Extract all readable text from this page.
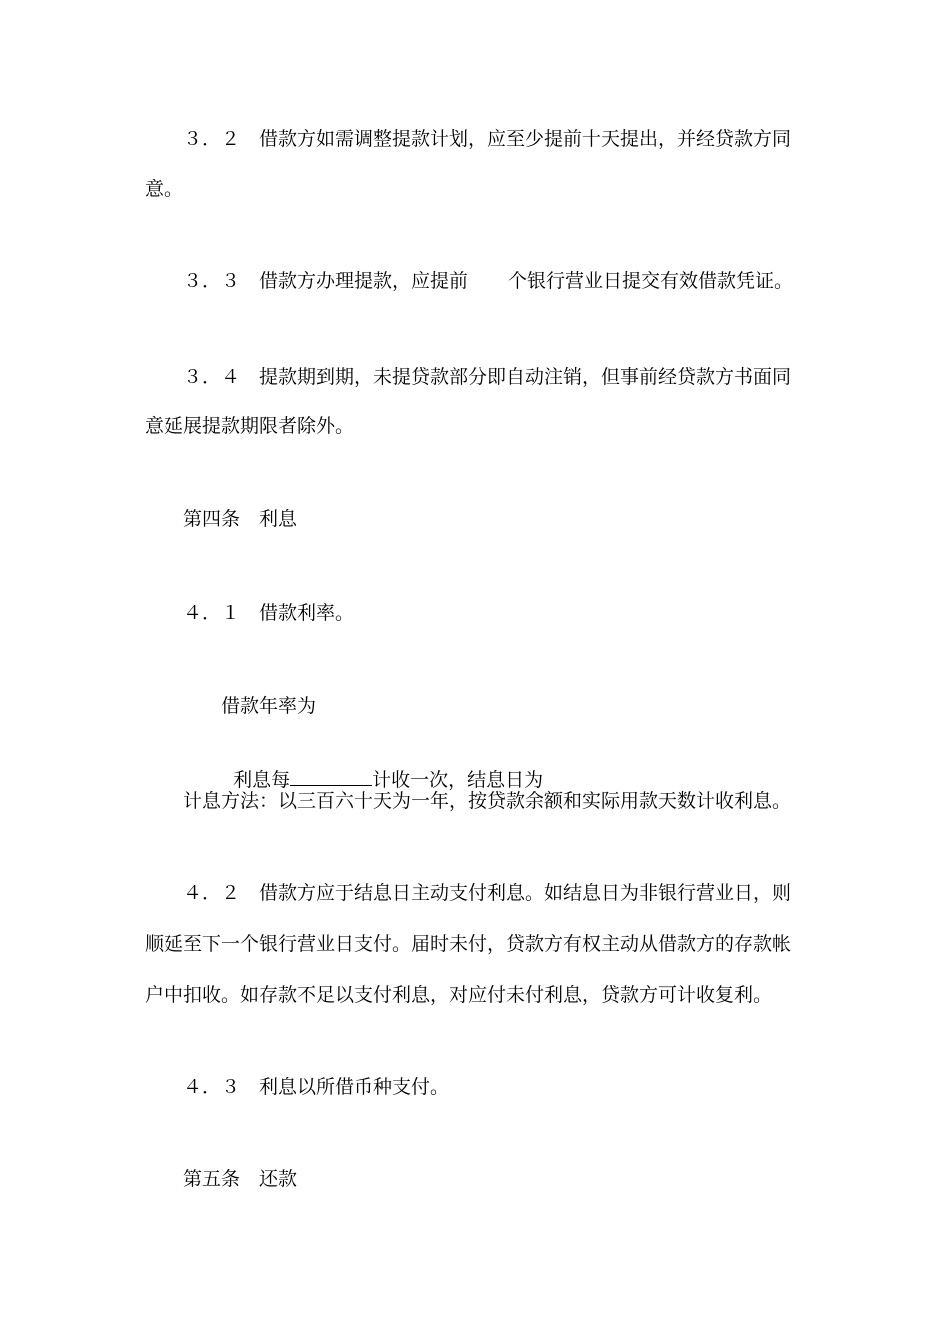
３．２ 借款方如需调整提款计划，应至少提前十天提出，并经贷款方同
意。
３．３ 借款方办理提款，应提前 个银行营业日提交有效借款凭证。
３．４ 提款期到期，未提贷款部分即自动注销，但事前经贷款方书面同
意延展提款期限者除外。
第四条 利息
４．１ 借款利率。
借款年率为

利息每	计收一次，结息日为

计息方法：以三百六十天为一年，按贷款余额和实际用款天数计收利息。
４．２ 借款方应于结息日主动支付利息。如结息日为非银行营业日，则
顺延至下一个银行营业日支付。届时未付，贷款方有权主动从借款方的存款帐
户中扣收。如存款不足以支付利息，对应付未付利息，贷款方可计收复利。
４．３ 利息以所借币种支付。
第五条 还款
